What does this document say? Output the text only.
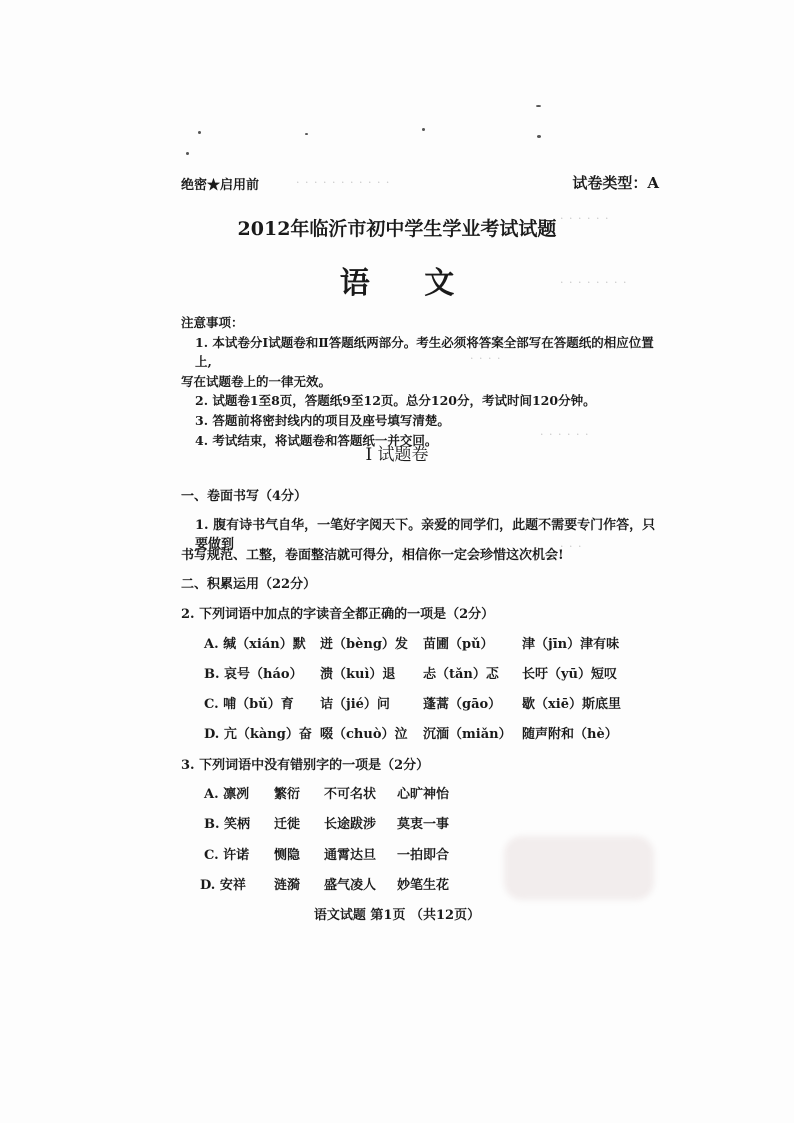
· · · · · · · · · · ·
· · · · · ·
· · · · · · · ·
· · · ·
· · · · · ·
· · ·
绝密★启用前	试卷类型：A
2012年临沂市初中学生学业考试试题
语 文
注意事项：
1. 本试卷分Ⅰ试题卷和Ⅱ答题纸两部分。考生必须将答案全部写在答题纸的相应位置上,
写在试题卷上的一律无效。
2. 试题卷1至8页，答题纸9至12页。总分120分，考试时间120分钟。
3. 答题前将密封线内的项目及座号填写清楚。
4. 考试结束，将试题卷和答题纸一并交回。
Ⅰ 试题卷
一、卷面书写（4分）
1. 腹有诗书气自华，一笔好字阅天下。亲爱的同学们，此题不需要专门作答，只要做到
书写规范、工整，卷面整洁就可得分，相信你一定会珍惜这次机会!
二、积累运用（22分）
2. 下列词语中加点的字读音全都正确的一项是（2分）
A. 缄（xián）默 迸（bèng）发 苗圃（pǔ） 津（jīn）津有味
B. 哀号（háo） 溃（kuì）退 忐（tǎn）忑 长吁（yū）短叹
C. 哺（bǔ）育 诘（jié）问	蓬蒿（gāo） 歇（xiē）斯底里
D. 亢（kàng）奋 啜（chuò）泣 沉湎（miǎn） 随声附和（hè）
3. 下列词语中没有错别字的一项是（2分）
A. 凛冽 繁衍 不可名状 心旷神怡
B. 笑柄 迁徙 长途跋涉 莫衷一事
C. 许诺 恻隐 通霄达旦 一拍即合
D. 安祥 涟漪 盛气凌人 妙笔生花
语文试题 第1页 （共12页）
